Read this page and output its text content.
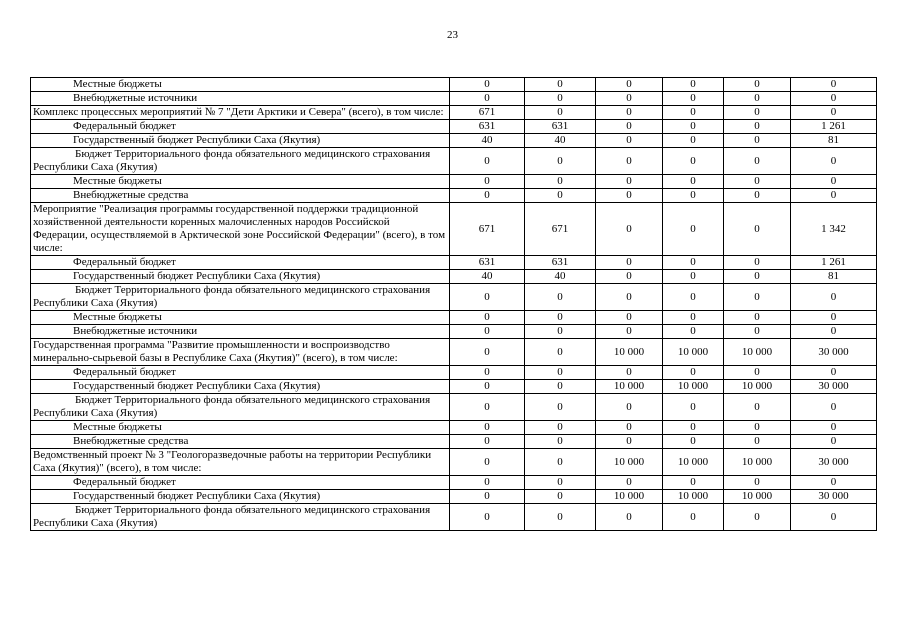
23
Местные бюджеты	0	0	0	0	0	0
Внебюджетные источники	0	0	0	0	0	0
Комплекс процессных мероприятий № 7 "Дети Арктики и Севера" (всего), в том числе:	671	0	0	0	0	0
Федеральный бюджет	631	631	0	0	0	1 261
Государственный бюджет Республики Саха (Якутия)	40	40	0	0	0	81
Бюджет Территориального фонда обязательного медицинского страхования Республики Саха (Якутия)	0	0	0	0	0	0
Местные бюджеты	0	0	0	0	0	0
Внебюджетные средства	0	0	0	0	0	0
Мероприятие "Реализация программы государственной поддержки традиционной хозяйственной деятельности коренных малочисленных народов Российской Федерации, осуществляемой в Арктической зоне Российской Федерации" (всего), в том числе:	671	671	0	0	0	1 342
Федеральный бюджет	631	631	0	0	0	1 261
Государственный бюджет Республики Саха (Якутия)	40	40	0	0	0	81
Бюджет Территориального фонда обязательного медицинского страхования Республики Саха (Якутия)	0	0	0	0	0	0
Местные бюджеты	0	0	0	0	0	0
Внебюджетные источники	0	0	0	0	0	0
Государственная программа "Развитие промышленности и воспроизводство минерально-сырьевой базы в Республике Саха (Якутия)" (всего), в том числе:	0	0	10 000	10 000	10 000	30 000
Федеральный бюджет	0	0	0	0	0	0
Государственный бюджет Республики Саха (Якутия)	0	0	10 000	10 000	10 000	30 000
Бюджет Территориального фонда обязательного медицинского страхования Республики Саха (Якутия)	0	0	0	0	0	0
Местные бюджеты	0	0	0	0	0	0
Внебюджетные средства	0	0	0	0	0	0
Ведомственный проект № 3 "Геологоразведочные работы на территории Республики Саха (Якутия)" (всего), в том числе:	0	0	10 000	10 000	10 000	30 000
Федеральный бюджет	0	0	0	0	0	0
Государственный бюджет Республики Саха (Якутия)	0	0	10 000	10 000	10 000	30 000
Бюджет Территориального фонда обязательного медицинского страхования Республики Саха (Якутия)	0	0	0	0	0	0
